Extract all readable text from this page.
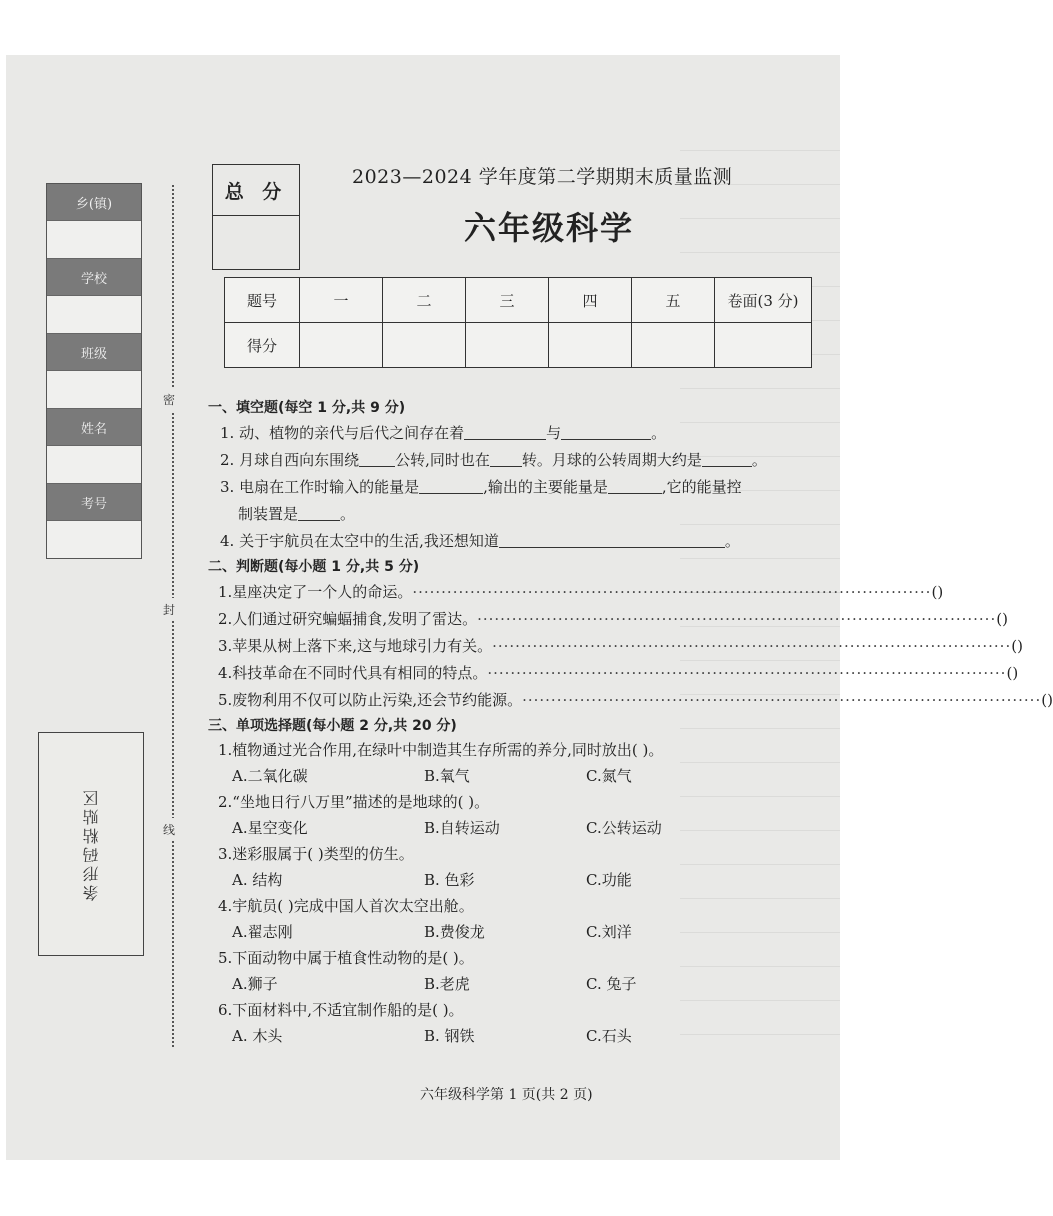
乡(镇)
学校
班级
姓名
考号
条形码粘贴区
密
封
线
总 分
2023—2024 学年度第二学期期末质量监测
六年级科学
题号	一	二	三	四	五	卷面(3 分)
得分						
一、填空题(每空 1 分,共 9 分)
1. 动、植物的亲代与后代之间存在着	与	。
2. 月球自西向东围绕 公转,同时也在 转。月球的公转周期大约是	。
3. 电扇在工作时输入的能量是	,输出的主要能量是	,它的能量控
制装置是	。
4. 关于宇航员在太空中的生活,我还想知道	。
二、判断题(每小题 1 分,共 5 分)
1.星座决定了一个人的命运。 ·························································································· ( )
2.人们通过研究蝙蝠捕食,发明了雷达。 ·························································································· ( )
3.苹果从树上落下来,这与地球引力有关。 ·························································································· ( )
4.科技革命在不同时代具有相同的特点。 ·························································································· ( )
5.废物利用不仅可以防止污染,还会节约能源。 ·························································································· ( )
三、单项选择题(每小题 2 分,共 20 分)
1.植物通过光合作用,在绿叶中制造其生存所需的养分,同时放出( )。
A.二氧化碳	B.氧气	C.氮气
2.“坐地日行八万里”描述的是地球的( )。
A.星空变化	B.自转运动	C.公转运动
3.迷彩服属于( )类型的仿生。
A. 结构	B. 色彩	C.功能
4.宇航员( )完成中国人首次太空出舱。
A.翟志刚	B.费俊龙	C.刘洋
5.下面动物中属于植食性动物的是( )。
A.狮子	B.老虎	C. 兔子
6.下面材料中,不适宜制作船的是( )。
A. 木头	B. 钢铁	C.石头
六年级科学第 1 页(共 2 页)
